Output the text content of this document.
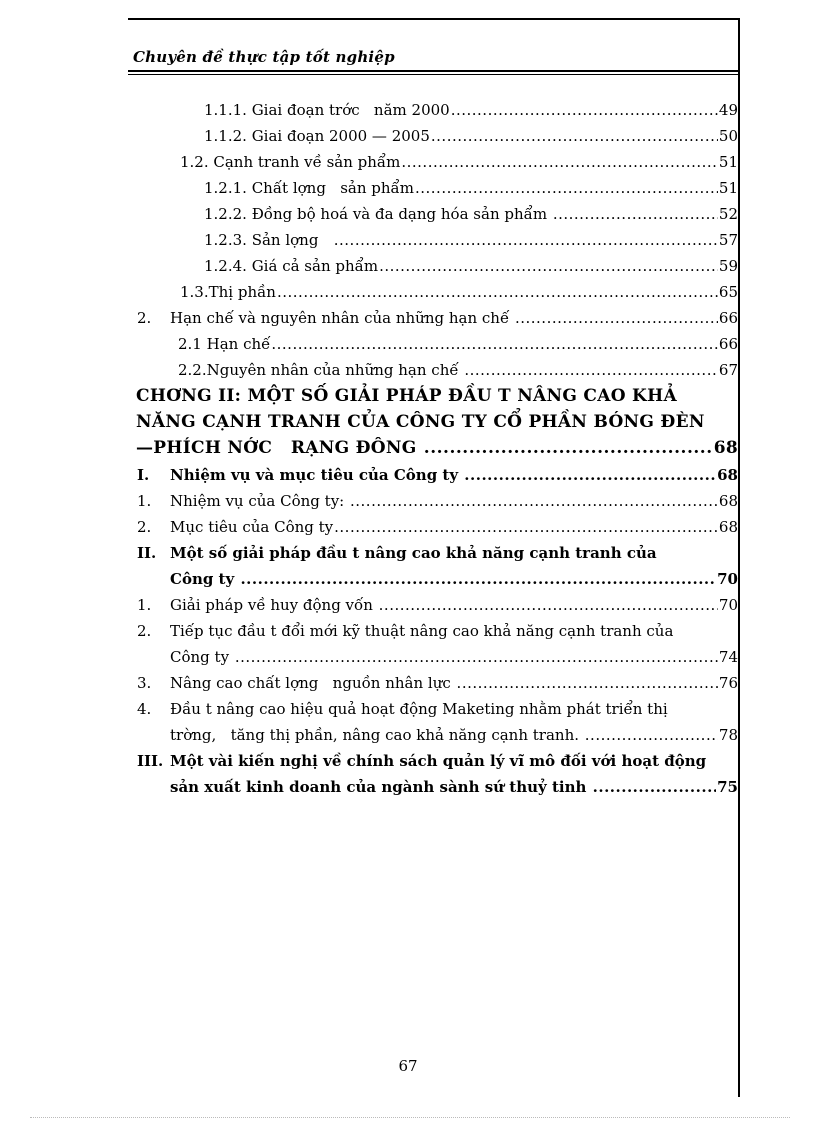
Chuyên đề thực tập tốt nghiệp
1.1.1. Giai đoạn trớc   năm 2000 .....	49
1.1.2. Giai đoạn 2000 — 2005 .....	50
1.2. Cạnh tranh về sản phẩm .....	51
1.2.1. Chất lợng   sản phẩm .....	51
1.2.2. Đồng bộ hoá và đa dạng hóa sản phẩm .....	52
1.2.3. Sản lợng .....	57
1.2.4. Giá cả sản phẩm .....	59
1.3.Thị phần .....	65
2.	Hạn chế và nguyên nhân của những hạn chế .....	66
2.1 Hạn chế .....	66
2.2.Nguyên nhân của những hạn chế .....	67
CHƠNG II: MỘT SỐ GIẢI PHÁP ĐẦU T NÂNG CAO KHẢ
NĂNG CẠNH TRANH CỦA CÔNG TY CỔ PHẦN BÓNG ĐÈN
—PHÍCH NỚC   RẠNG ĐÔNG .....	68
I.	Nhiệm vụ và mục tiêu của Công ty .....	68
1.	Nhiệm vụ của Công ty: .....	68
2.	Mục tiêu của Công ty .....	68
II. Một số giải pháp đầu t nâng cao khả năng cạnh tranh của
Công ty .....	70
1.	Giải pháp về huy động vốn .....	70
2.	Tiếp tục đầu t đổi mới kỹ thuật nâng cao khả năng cạnh tranh của
Công ty .....	74
3.	Nâng cao chất lợng   nguồn nhân lực .....	76
4.	Đầu t nâng cao hiệu quả hoạt động Maketing nhằm phát triển thị
trờng,   tăng thị phần, nâng cao khả năng cạnh tranh. .....	78
III. Một vài kiến nghị về chính sách quản lý vĩ mô đối với hoạt động
sản xuất kinh doanh của ngành sành sứ thuỷ tinh .....	75
67
